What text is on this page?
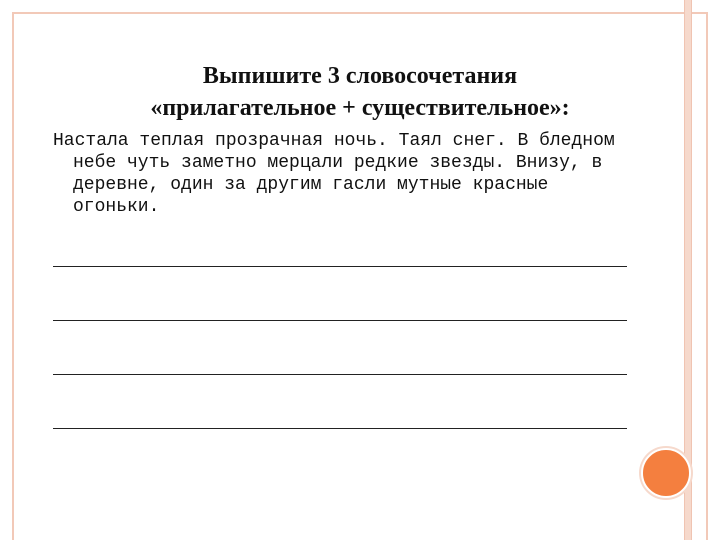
Выпишите 3 словосочетания
«прилагательное + существительное»:
Настала теплая прозрачная ночь. Таял снег. В бледном
небе чуть заметно мерцали редкие звезды. Внизу, в
деревне, один за другим гасли мутные красные
огоньки.
